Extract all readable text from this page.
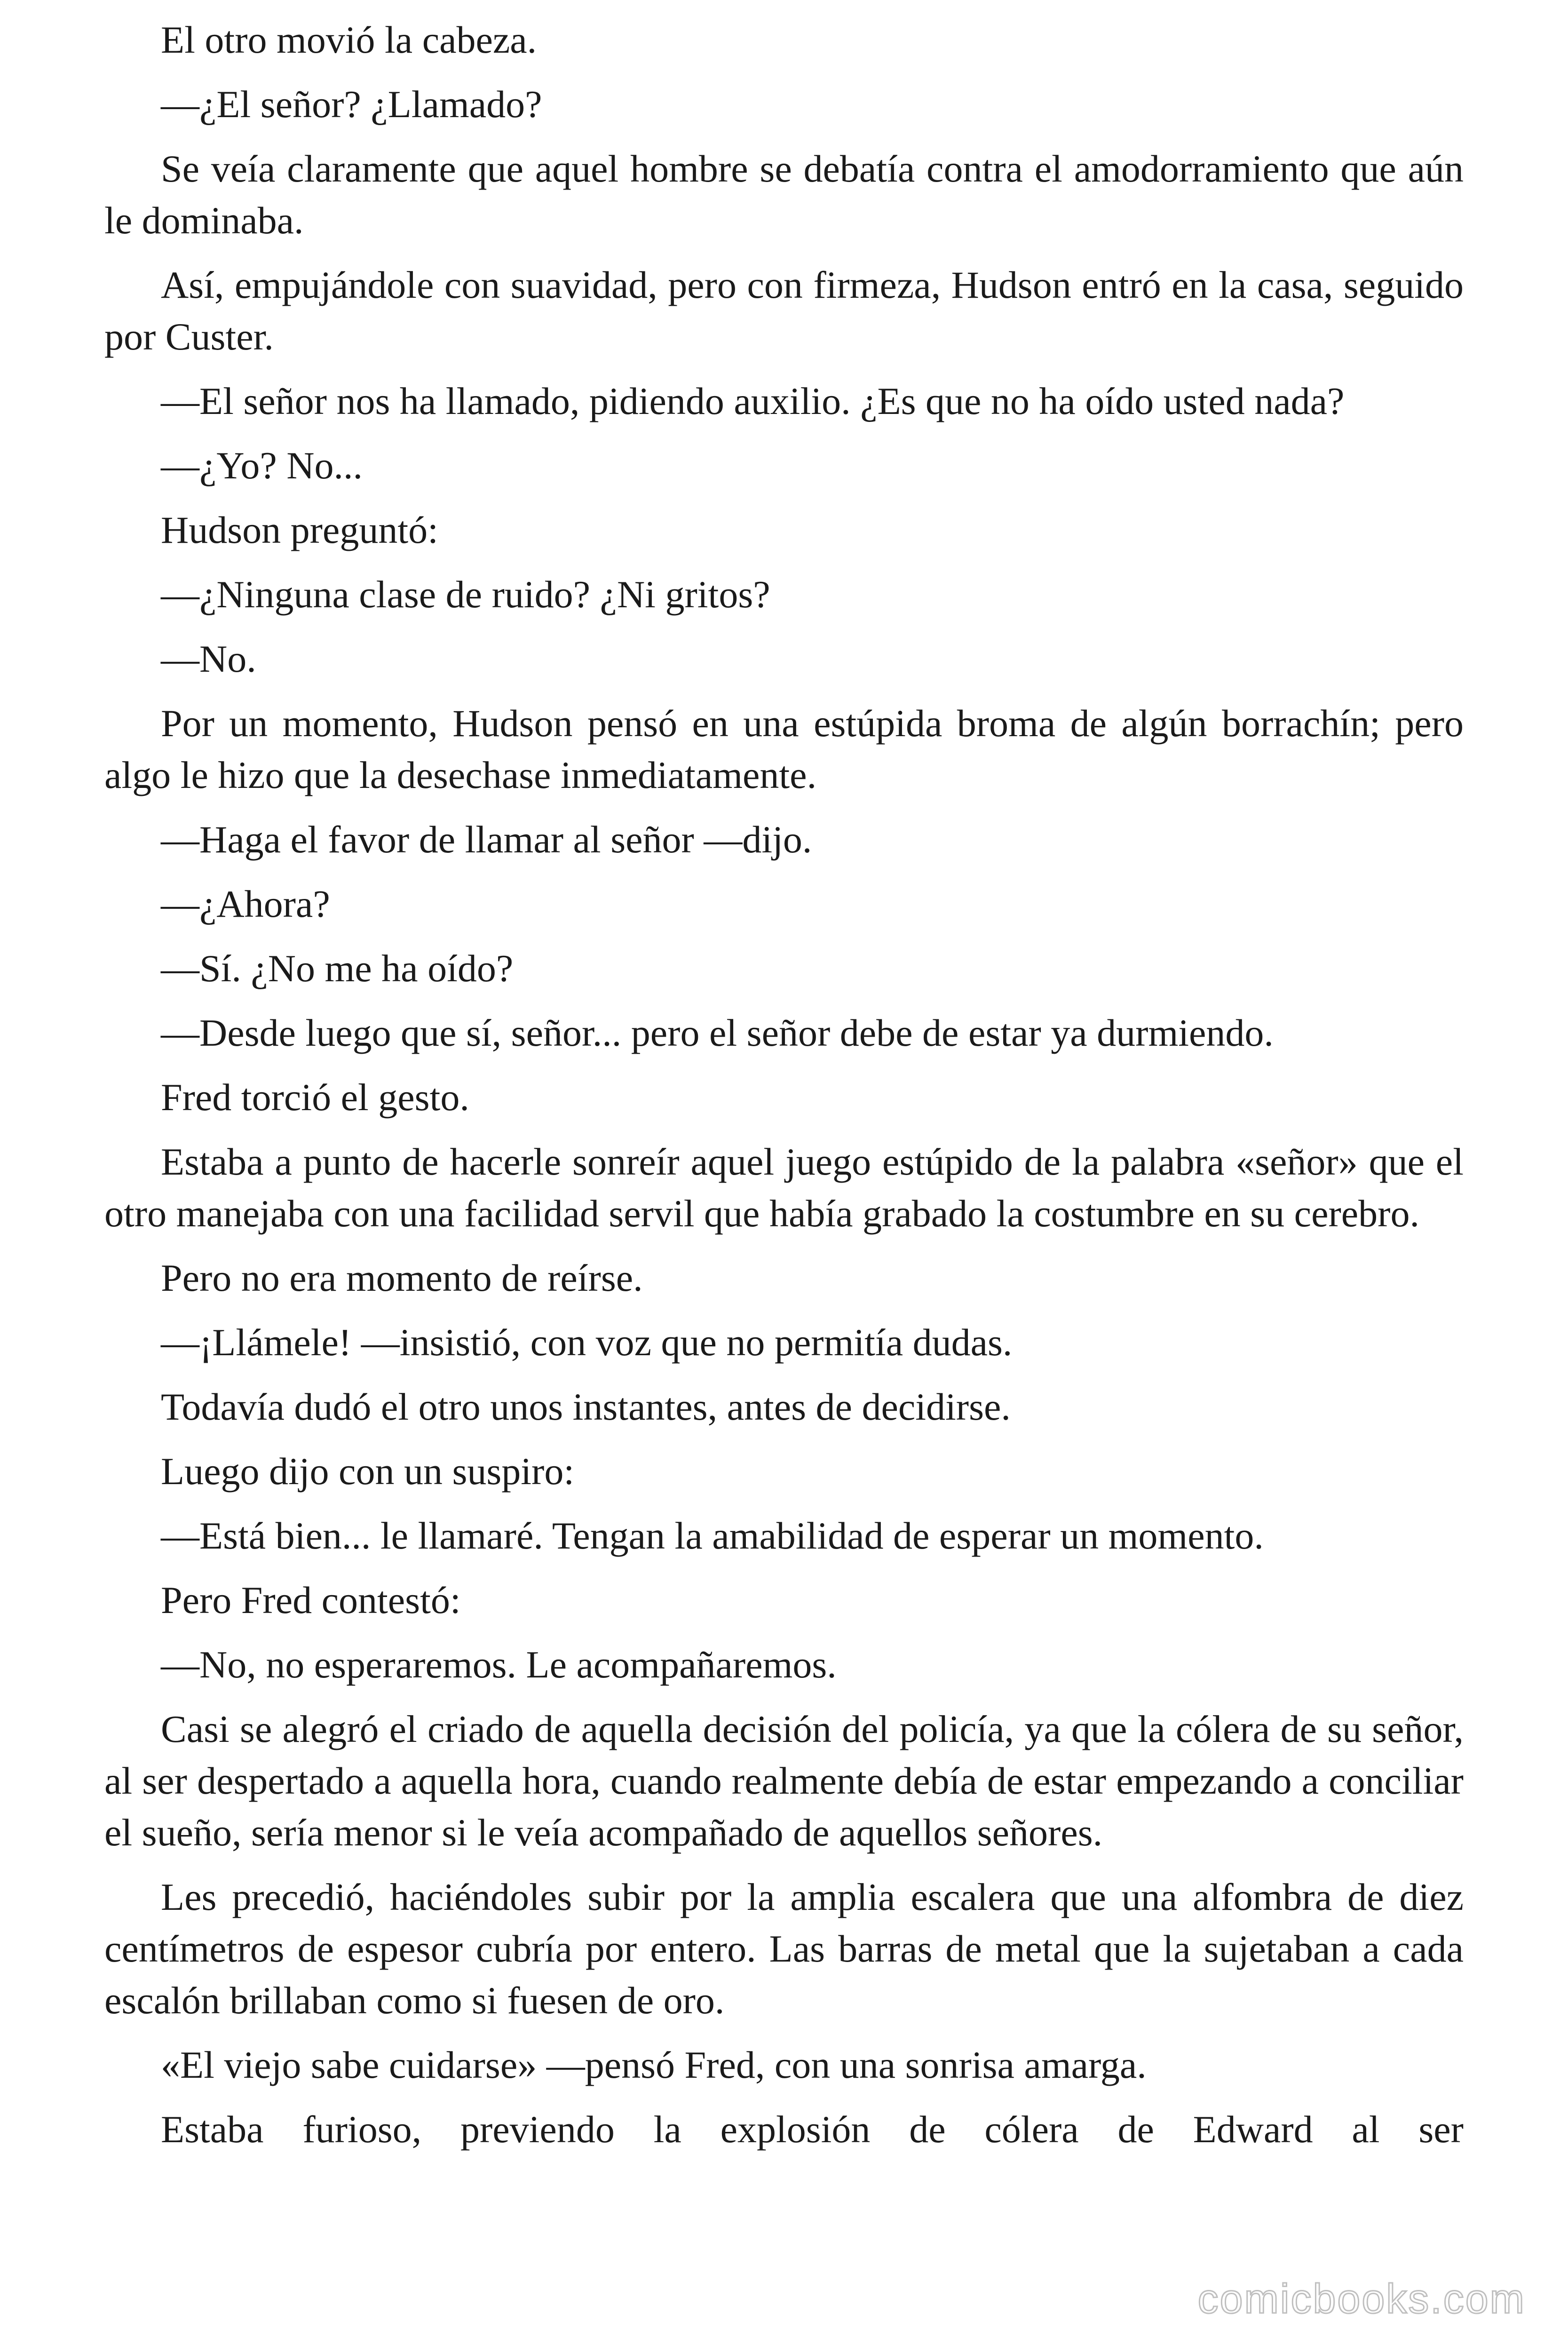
El otro movió la cabeza.

—¿El señor? ¿Llamado?

Se veía claramente que aquel hombre se debatía contra el amodorramiento que aún le dominaba.

Así, empujándole con suavidad, pero con firmeza, Hudson entró en la casa, seguido por Custer.

—El señor nos ha llamado, pidiendo auxilio. ¿Es que no ha oído usted nada?

—¿Yo? No...

Hudson preguntó:

—¿Ninguna clase de ruido? ¿Ni gritos?

—No.

Por un momento, Hudson pensó en una estúpida broma de algún borrachín; pero algo le hizo que la desechase inmediatamente.

—Haga el favor de llamar al señor —dijo.

—¿Ahora?

—Sí. ¿No me ha oído?

—Desde luego que sí, señor... pero el señor debe de estar ya durmiendo.

Fred torció el gesto.

Estaba a punto de hacerle sonreír aquel juego estúpido de la palabra «señor» que el otro manejaba con una facilidad servil que había grabado la costumbre en su cerebro.

Pero no era momento de reírse.

—¡Llámele! —insistió, con voz que no permitía dudas.

Todavía dudó el otro unos instantes, antes de decidirse.

Luego dijo con un suspiro:

—Está bien... le llamaré. Tengan la amabilidad de esperar un momento.

Pero Fred contestó:

—No, no esperaremos. Le acompañaremos.

Casi se alegró el criado de aquella decisión del policía, ya que la cólera de su señor, al ser despertado a aquella hora, cuando realmente debía de estar empezando a conciliar el sueño, sería menor si le veía acompañado de aquellos señores.

Les precedió, haciéndoles subir por la amplia escalera que una alfombra de diez centímetros de espesor cubría por entero. Las barras de metal que la sujetaban a cada escalón brillaban como si fuesen de oro.

«El viejo sabe cuidarse» —pensó Fred, con una sonrisa amarga.

Estaba furioso, previendo la explosión de cólera de Edward al ser

comicbooks.com
